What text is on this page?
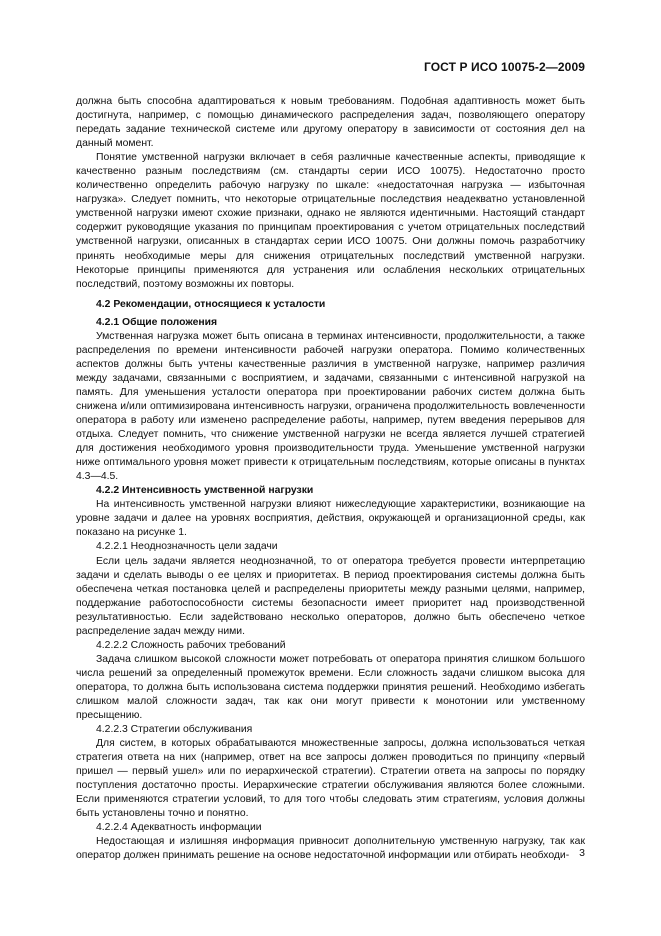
ГОСТ Р ИСО 10075-2—2009

должна быть способна адаптироваться к новым требованиям. Подобная адаптивность может быть достигнута, например, с помощью динамического распределения задач, позволяющего оператору передать задание технической системе или другому оператору в зависимости от состояния дел на данный момент.

Понятие умственной нагрузки включает в себя различные качественные аспекты, приводящие к качественно разным последствиям (см. стандарты серии ИСО 10075). Недостаточно просто количественно определить рабочую нагрузку по шкале: «недостаточная нагрузка — избыточная нагрузка». Следует помнить, что некоторые отрицательные последствия неадекватно установленной умственной нагрузки имеют схожие признаки, однако не являются идентичными. Настоящий стандарт содержит руководящие указания по принципам проектирования с учетом отрицательных последствий умственной нагрузки, описанных в стандартах серии ИСО 10075. Они должны помочь разработчику принять необходимые меры для снижения отрицательных последствий умственной нагрузки. Некоторые принципы применяются для устранения или ослабления нескольких отрицательных последствий, поэтому возможны их повторы.

4.2 Рекомендации, относящиеся к усталости

4.2.1 Общие положения

Умственная нагрузка может быть описана в терминах интенсивности, продолжительности, а также распределения по времени интенсивности рабочей нагрузки оператора. Помимо количественных аспектов должны быть учтены качественные различия в умственной нагрузке, например различия между задачами, связанными с восприятием, и задачами, связанными с интенсивной нагрузкой на память. Для уменьшения усталости оператора при проектировании рабочих систем должна быть снижена и/или оптимизирована интенсивность нагрузки, ограничена продолжительность вовлеченности оператора в работу или изменено распределение работы, например, путем введения перерывов для отдыха. Следует помнить, что снижение умственной нагрузки не всегда является лучшей стратегией для достижения необходимого уровня производительности труда. Уменьшение умственной нагрузки ниже оптимального уровня может привести к отрицательным последствиям, которые описаны в пунктах 4.3—4.5.

4.2.2 Интенсивность умственной нагрузки

На интенсивность умственной нагрузки влияют нижеследующие характеристики, возникающие на уровне задачи и далее на уровнях восприятия, действия, окружающей и организационной среды, как показано на рисунке 1.

4.2.2.1 Неоднозначность цели задачи

Если цель задачи является неоднозначной, то от оператора требуется провести интерпретацию задачи и сделать выводы о ее целях и приоритетах. В период проектирования системы должна быть обеспечена четкая постановка целей и распределены приоритеты между разными целями, например, поддержание работоспособности системы безопасности имеет приоритет над производственной результативностью. Если задействовано несколько операторов, должно быть обеспечено четкое распределение задач между ними.

4.2.2.2 Сложность рабочих требований

Задача слишком высокой сложности может потребовать от оператора принятия слишком большого числа решений за определенный промежуток времени. Если сложность задачи слишком высока для оператора, то должна быть использована система поддержки принятия решений. Необходимо избегать слишком малой сложности задач, так как они могут привести к монотонии или умственному пресыщению.

4.2.2.3 Стратегии обслуживания

Для систем, в которых обрабатываются множественные запросы, должна использоваться четкая стратегия ответа на них (например, ответ на все запросы должен проводиться по принципу «первый пришел — первый ушел» или по иерархической стратегии). Стратегии ответа на запросы по порядку поступления достаточно просты. Иерархические стратегии обслуживания являются более сложными. Если применяются стратегии условий, то для того чтобы следовать этим стратегиям, условия должны быть установлены точно и понятно.

4.2.2.4 Адекватность информации

Недостающая и излишняя информация привносит дополнительную умственную нагрузку, так как оператор должен принимать решение на основе недостаточной информации или отбирать необходи- 3
